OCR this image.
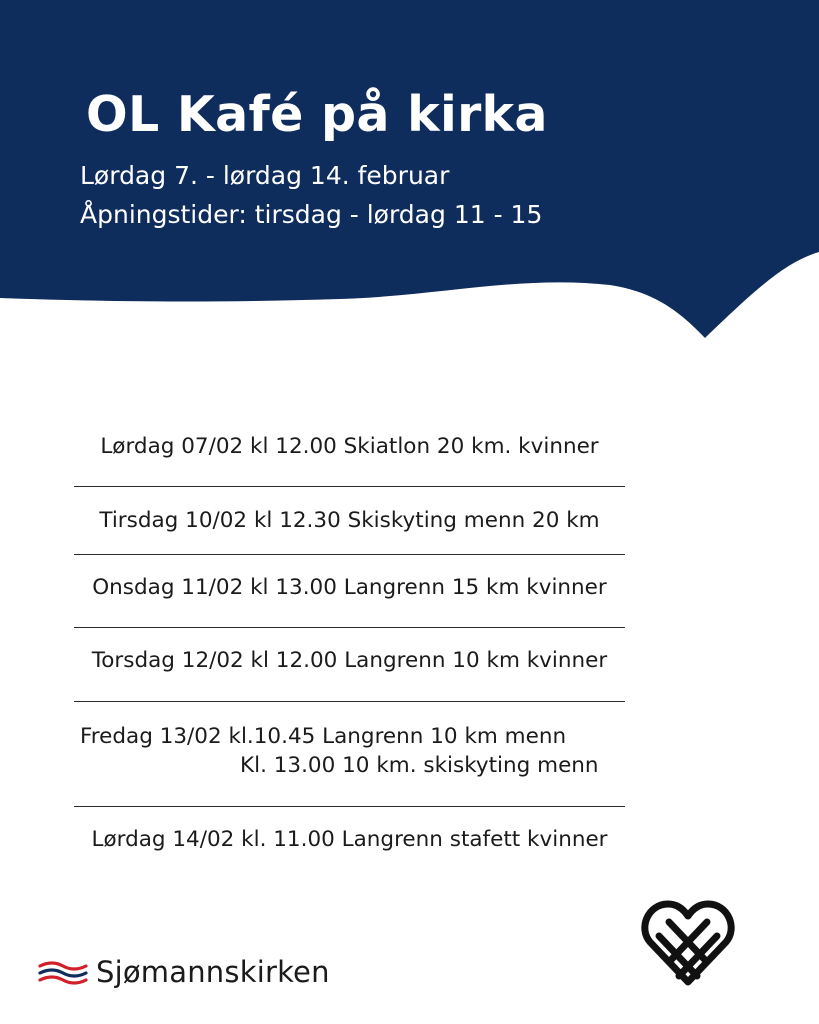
OL Kafé på kirka
Lørdag 7. - lørdag 14. februar
Åpningstider: tirsdag - lørdag 11 - 15
Lørdag 07/02 kl 12.00 Skiatlon 20 km. kvinner
Tirsdag 10/02 kl 12.30 Skiskyting menn 20 km
Onsdag 11/02 kl 13.00 Langrenn 15 km kvinner
Torsdag 12/02 kl 12.00 Langrenn 10 km kvinner
Fredag 13/02 kl.10.45 Langrenn 10 km menn
Kl. 13.00 10 km. skiskyting menn
Lørdag 14/02 kl. 11.00 Langrenn stafett kvinner
Sjømannskirken
